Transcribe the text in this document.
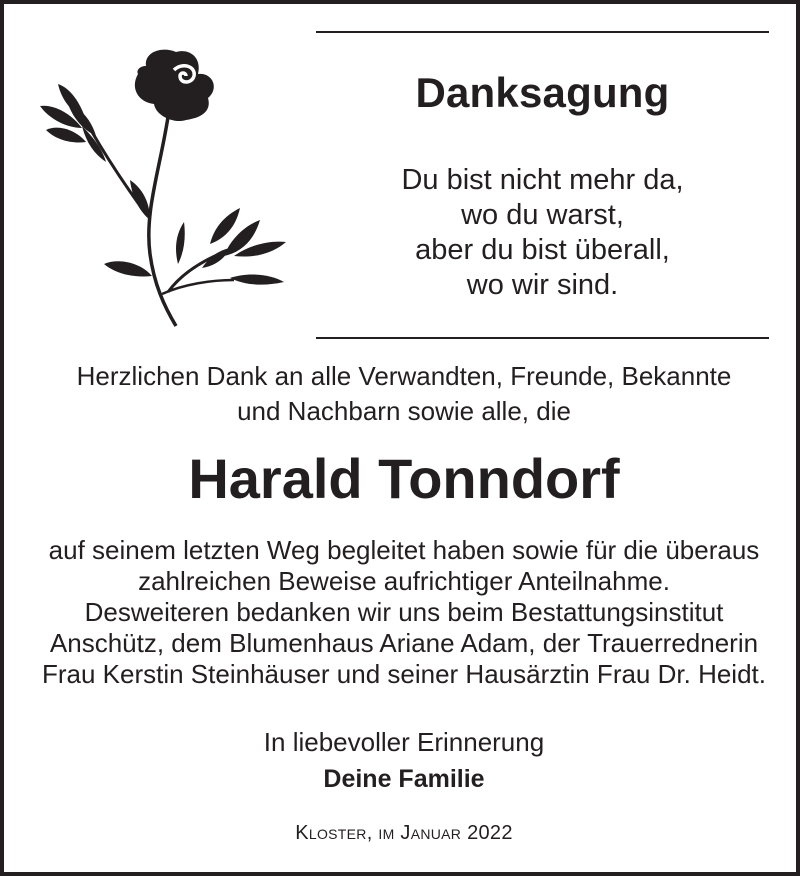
Danksagung
Du bist nicht mehr da,
wo du warst,
aber du bist überall,
wo wir sind.
Herzlichen Dank an alle Verwandten, Freunde, Bekannte
und Nachbarn sowie alle, die
Harald Tonndorf
auf seinem letzten Weg begleitet haben sowie für die überaus
zahlreichen Beweise aufrichtiger Anteilnahme.
Desweiteren bedanken wir uns beim Bestattungsinstitut
Anschütz, dem Blumenhaus Ariane Adam, der Trauerrednerin
Frau Kerstin Steinhäuser und seiner Hausärztin Frau Dr. Heidt.
In liebevoller Erinnerung
Deine Familie
Kloster, im Januar 2022
